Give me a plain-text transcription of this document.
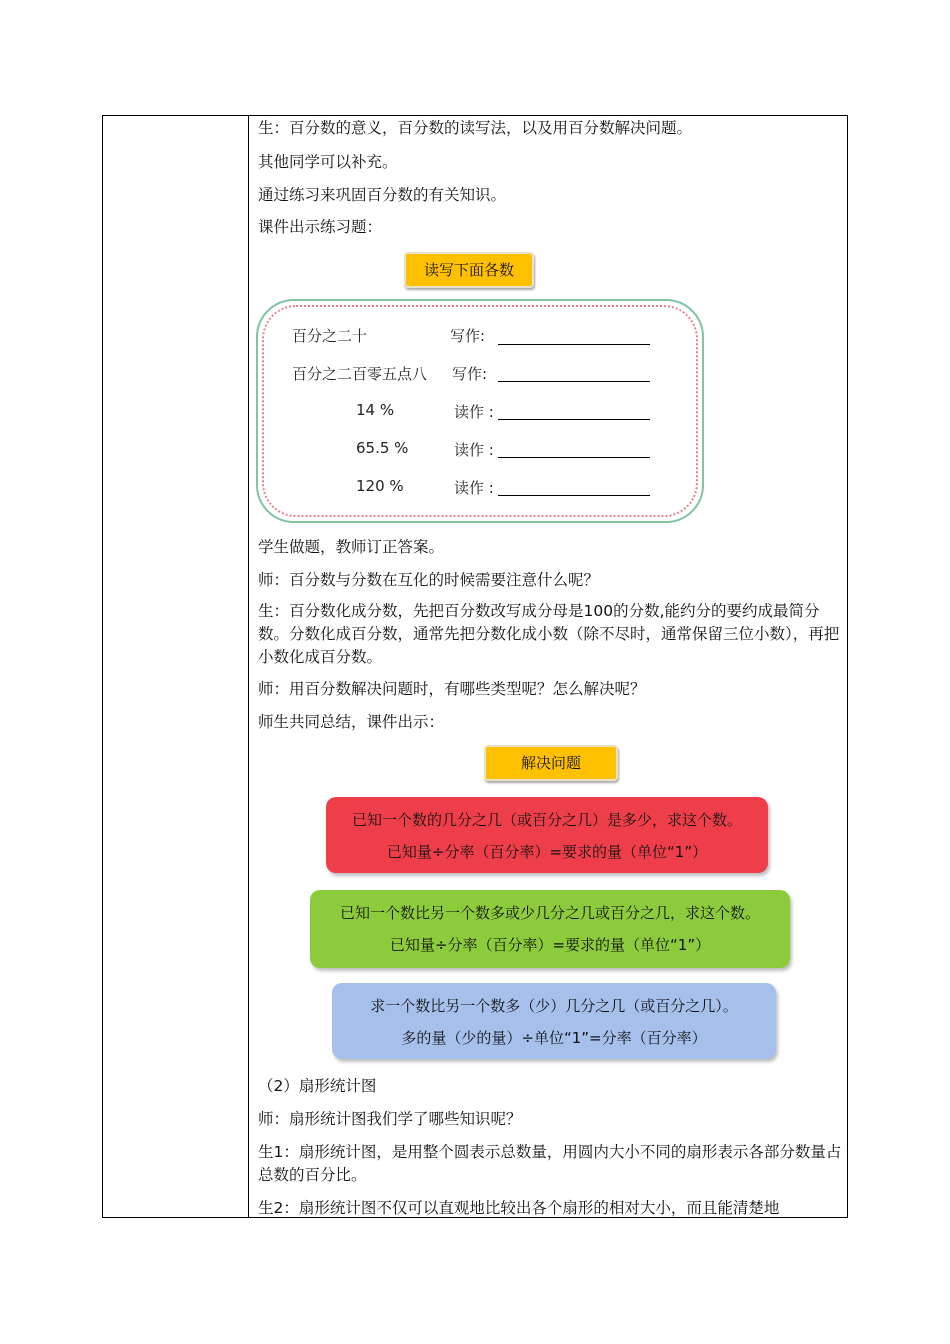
生：百分数的意义，百分数的读写法，以及用百分数解决问题。
其他同学可以补充。
通过练习来巩固百分数的有关知识。
课件出示练习题：
读写下面各数
百分之二十	写作:
百分之二百零五点八 写作:
14 %	读作 :
65.5 %	读作 :
120 %	读作 :
学生做题，教师订正答案。
师：百分数与分数在互化的时候需要注意什么呢？
生：百分数化成分数，先把百分数改写成分母是100的分数,能约分的要约成最简分数。分数化成百分数，通常先把分数化成小数（除不尽时，通常保留三位小数），再把小数化成百分数。
师：用百分数解决问题时，有哪些类型呢？怎么解决呢？
师生共同总结，课件出示：
解决问题
已知一个数的几分之几（或百分之几）是多少，求这个数。
已知量÷分率（百分率）=要求的量（单位“1”）
已知一个数比另一个数多或少几分之几或百分之几，求这个数。
已知量÷分率（百分率）=要求的量（单位“1”）
求一个数比另一个数多（少）几分之几（或百分之几）。
多的量（少的量）÷单位“1”=分率（百分率）
（2）扇形统计图
师：扇形统计图我们学了哪些知识呢？
生1：扇形统计图，是用整个圆表示总数量，用圆内大小不同的扇形表示各部分数量占总数的百分比。
生2：扇形统计图不仅可以直观地比较出各个扇形的相对大小，而且能清楚地
